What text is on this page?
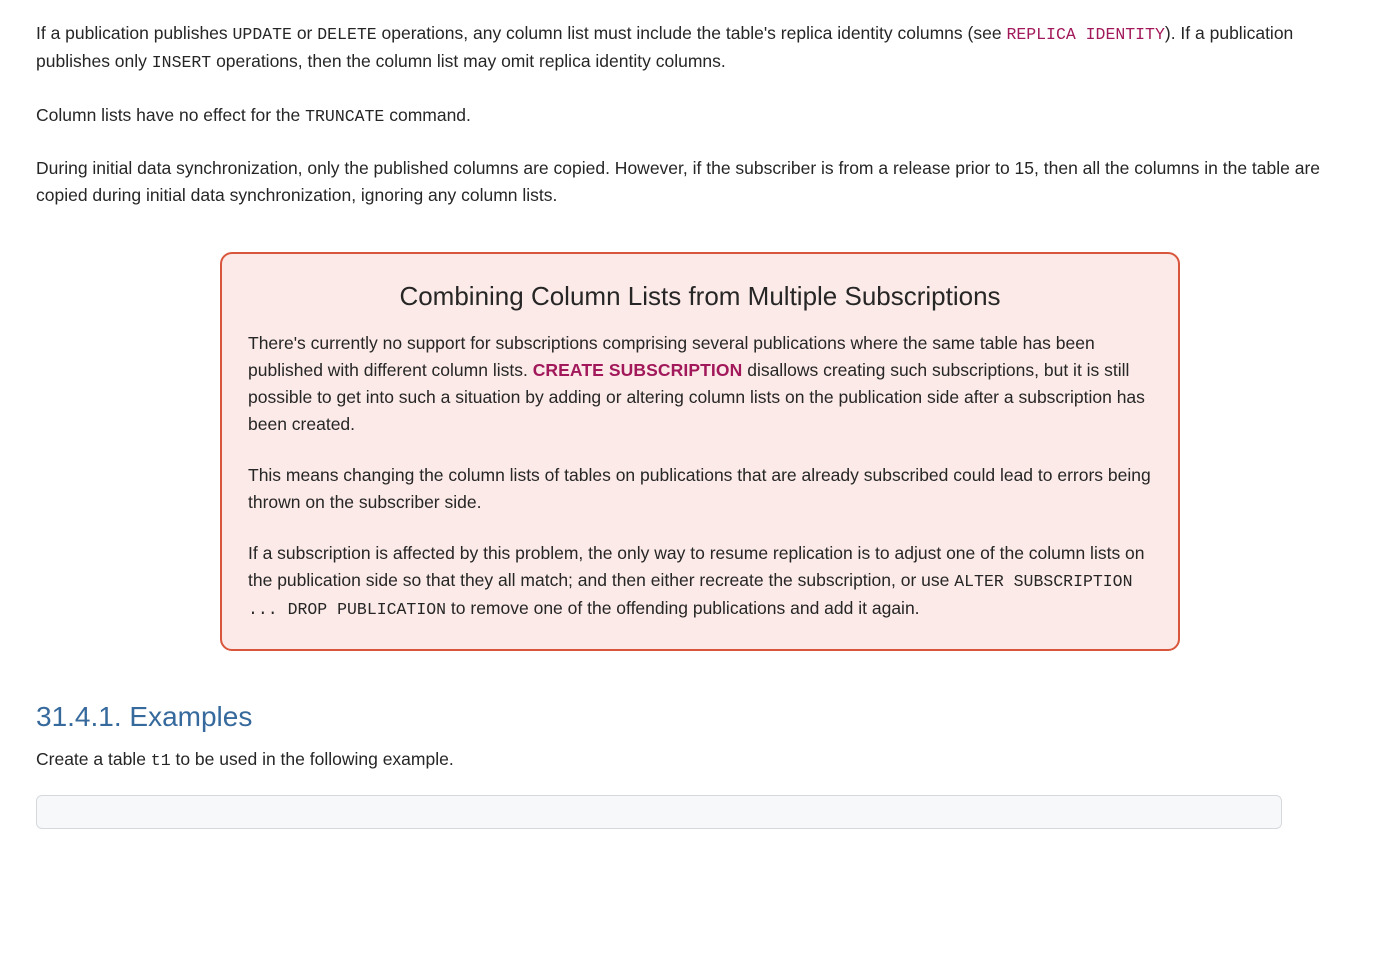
If a publication publishes UPDATE or DELETE operations, any column list must include the table's replica identity columns (see REPLICA IDENTITY). If a publication publishes only INSERT operations, then the column list may omit replica identity columns.

Column lists have no effect for the TRUNCATE command.

During initial data synchronization, only the published columns are copied. However, if the subscriber is from a release prior to 15, then all the columns in the table are copied during initial data synchronization, ignoring any column lists.

Combining Column Lists from Multiple Subscriptions

There's currently no support for subscriptions comprising several publications where the same table has been published with different column lists. CREATE SUBSCRIPTION disallows creating such subscriptions, but it is still possible to get into such a situation by adding or altering column lists on the publication side after a subscription has been created.

This means changing the column lists of tables on publications that are already subscribed could lead to errors being thrown on the subscriber side.

If a subscription is affected by this problem, the only way to resume replication is to adjust one of the column lists on the publication side so that they all match; and then either recreate the subscription, or use ALTER SUBSCRIPTION ... DROP PUBLICATION to remove one of the offending publications and add it again.

31.4.1. Examples

Create a table t1 to be used in the following example.
